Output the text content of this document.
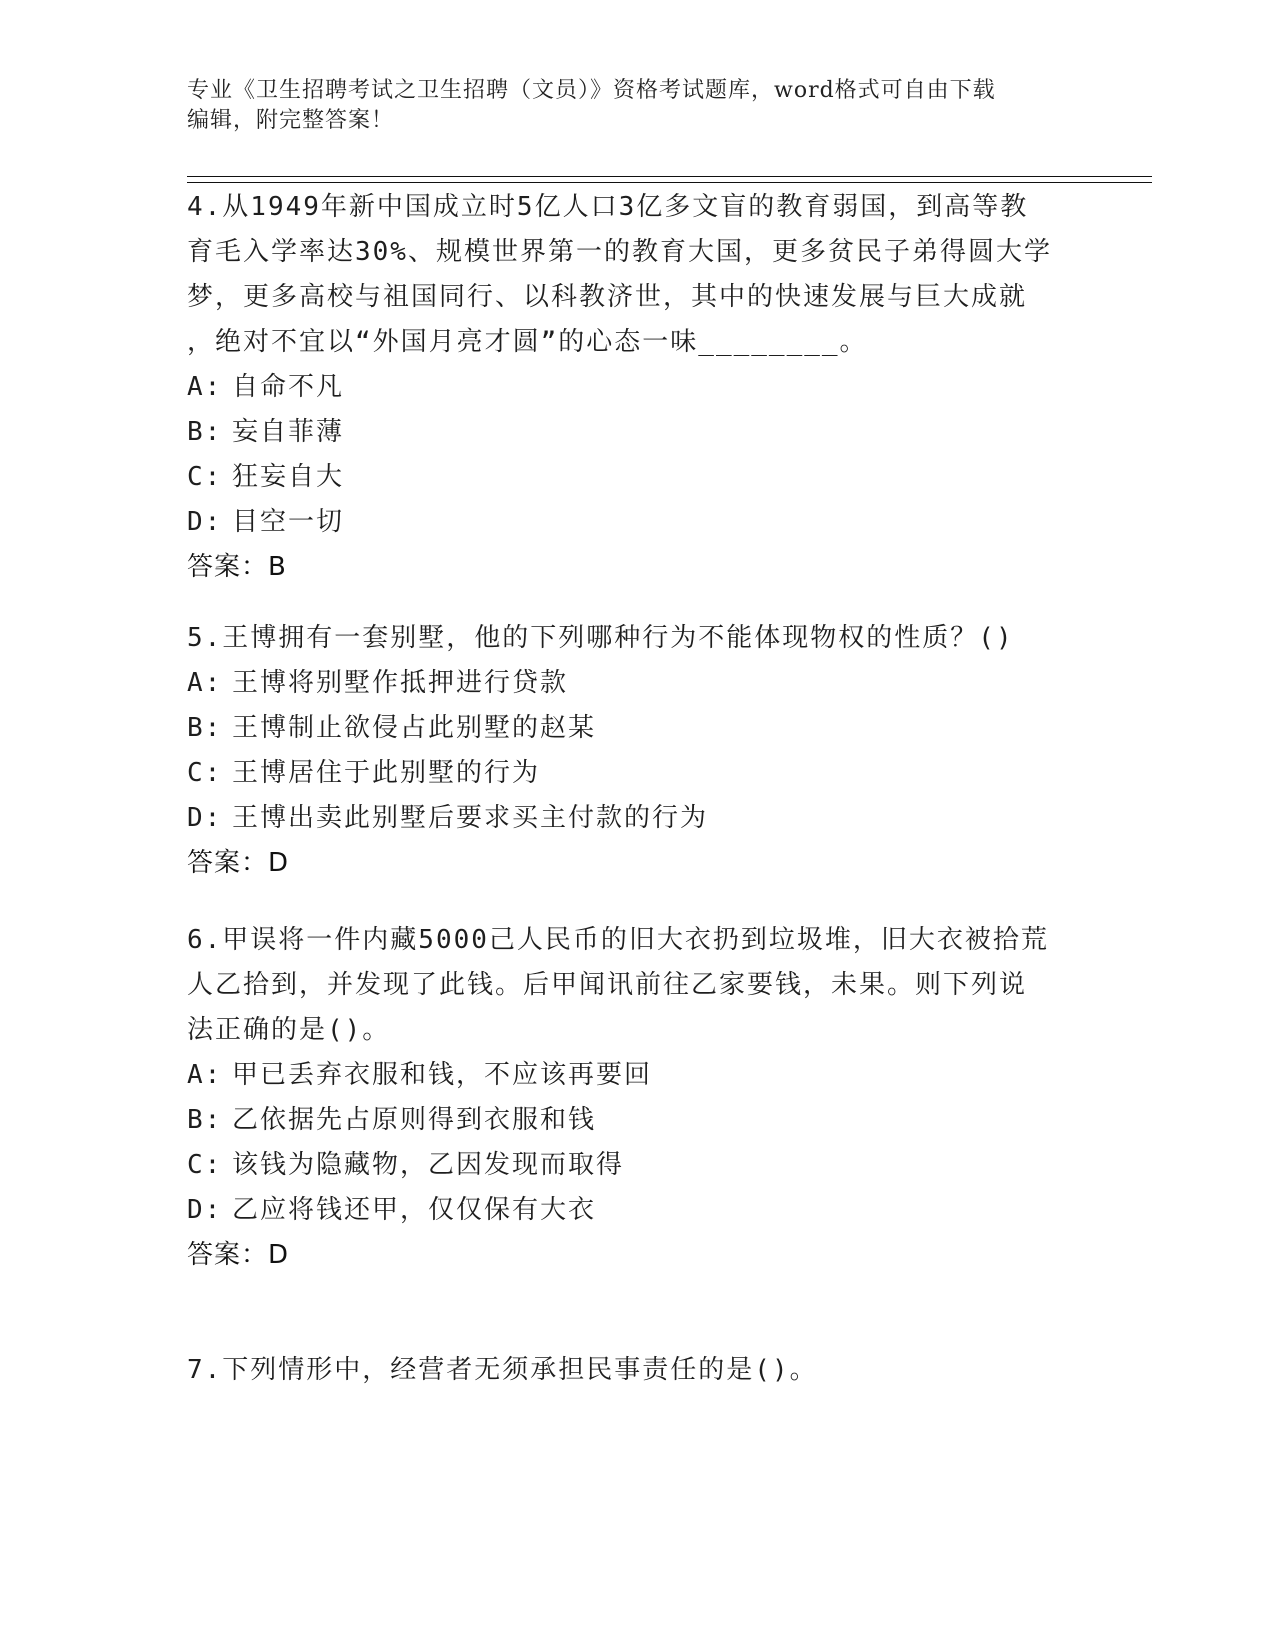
专业《卫生招聘考试之卫生招聘（文员）》资格考试题库，word格式可自由下载
编辑，附完整答案！
4.从1949年新中国成立时5亿人口3亿多文盲的教育弱国，到高等教
育毛入学率达30%、规模世界第一的教育大国，更多贫民子弟得圆大学
梦，更多高校与祖国同行、以科教济世，其中的快速发展与巨大成就
，绝对不宜以“外国月亮才圆”的心态一味________。
A: 自命不凡
B: 妄自菲薄
C: 狂妄自大
D: 目空一切
答案：B
5.王博拥有一套别墅，他的下列哪种行为不能体现物权的性质？()
A: 王博将别墅作抵押进行贷款
B: 王博制止欲侵占此别墅的赵某
C: 王博居住于此别墅的行为
D: 王博出卖此别墅后要求买主付款的行为
答案：D
6.甲误将一件内藏5000己人民币的旧大衣扔到垃圾堆，旧大衣被拾荒
人乙拾到，并发现了此钱。后甲闻讯前往乙家要钱，未果。则下列说
法正确的是()。
A: 甲已丢弃衣服和钱，不应该再要回
B: 乙依据先占原则得到衣服和钱
C: 该钱为隐藏物，乙因发现而取得
D: 乙应将钱还甲，仅仅保有大衣
答案：D
7.下列情形中，经营者无须承担民事责任的是()。
